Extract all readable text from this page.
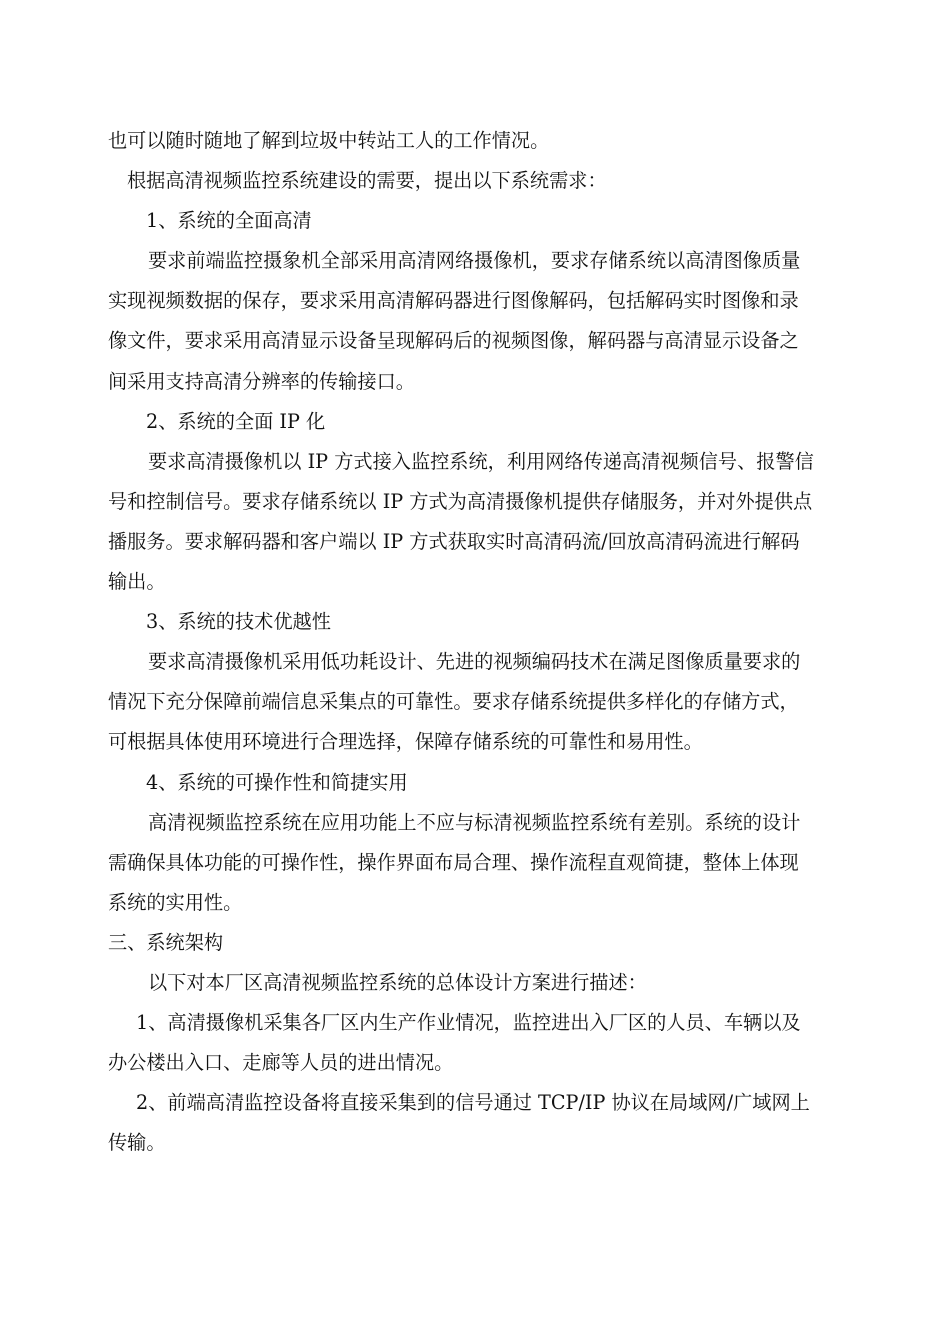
也可以随时随地了解到垃圾中转站工人的工作情况。
根据高清视频监控系统建设的需要，提出以下系统需求：
1、系统的全面高清
要求前端监控摄象机全部采用高清网络摄像机，要求存储系统以高清图像质量
实现视频数据的保存，要求采用高清解码器进行图像解码，包括解码实时图像和录
像文件，要求采用高清显示设备呈现解码后的视频图像，解码器与高清显示设备之
间采用支持高清分辨率的传输接口。
2、系统的全面 IP 化
要求高清摄像机以 IP 方式接入监控系统，利用网络传递高清视频信号、报警信
号和控制信号。要求存储系统以 IP 方式为高清摄像机提供存储服务，并对外提供点
播服务。要求解码器和客户端以 IP 方式获取实时高清码流/回放高清码流进行解码
输出。
3、系统的技术优越性
要求高清摄像机采用低功耗设计、先进的视频编码技术在满足图像质量要求的
情况下充分保障前端信息采集点的可靠性。要求存储系统提供多样化的存储方式，
可根据具体使用环境进行合理选择，保障存储系统的可靠性和易用性。
4、系统的可操作性和简捷实用
高清视频监控系统在应用功能上不应与标清视频监控系统有差别。系统的设计
需确保具体功能的可操作性，操作界面布局合理、操作流程直观简捷，整体上体现
系统的实用性。
三、系统架构
以下对本厂区高清视频监控系统的总体设计方案进行描述：
1、高清摄像机采集各厂区内生产作业情况，监控进出入厂区的人员、车辆以及
办公楼出入口、走廊等人员的进出情况。
2、前端高清监控设备将直接采集到的信号通过 TCP/IP 协议在局域网/广域网上
传输。
